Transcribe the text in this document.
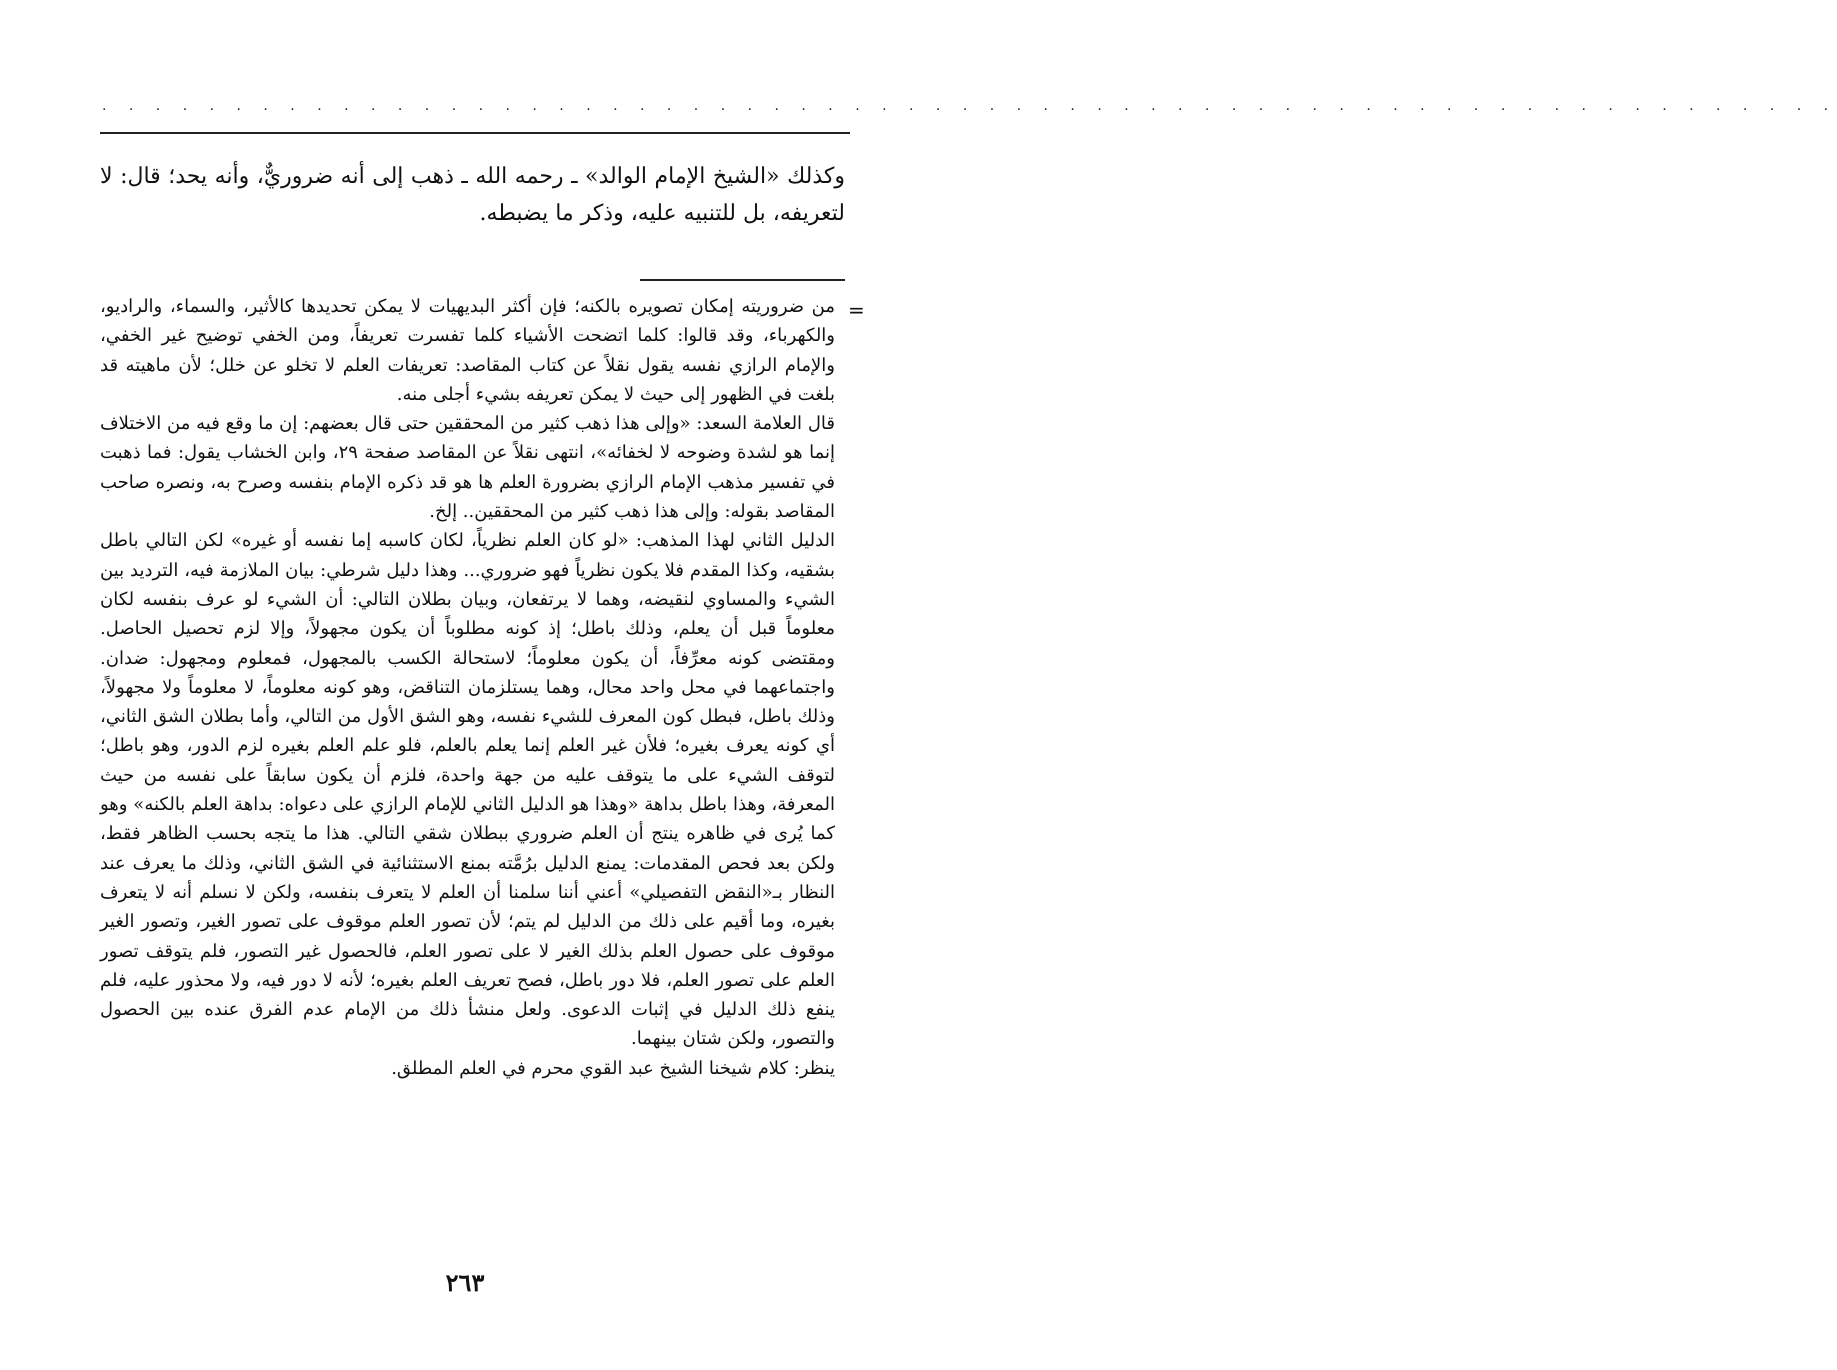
. . . . . . . . . . . . . . . . . . . . . . . . . . . . . . . . . . . . . . . . . . . . . . . . . . . . . . . . . . . . . . . . .

وكذلك «الشيخ الإمام الوالد» ـ رحمه الله ـ ذهب إلى أنه ضروريٌّ، وأنه يحد؛ قال: لا لتعريفه، بل للتنبيه عليه، وذكر ما يضبطه.

=

من ضروريته إمكان تصويره بالكنه؛ فإن أكثر البديهيات لا يمكن تحديدها كالأثير، والسماء، والراديو، والكهرباء، وقد قالوا: كلما اتضحت الأشياء كلما تفسرت تعريفاً، ومن الخفي توضيح غير الخفي، والإمام الرازي نفسه يقول نقلاً عن كتاب المقاصد: تعريفات العلم لا تخلو عن خلل؛ لأن ماهيته قد بلغت في الظهور إلى حيث لا يمكن تعريفه بشيء أجلى منه.

قال العلامة السعد: «وإلى هذا ذهب كثير من المحققين حتى قال بعضهم: إن ما وقع فيه من الاختلاف إنما هو لشدة وضوحه لا لخفائه»، انتهى نقلاً عن المقاصد صفحة ٢٩، وابن الخشاب يقول: فما ذهبت في تفسير مذهب الإمام الرازي بضرورة العلم ها هو قد ذكره الإمام بنفسه وصرح به، ونصره صاحب المقاصد بقوله: وإلى هذا ذهب كثير من المحققين.. إلخ.

الدليل الثاني لهذا المذهب: «لو كان العلم نظرياً، لكان كاسبه إما نفسه أو غيره» لكن التالي باطل بشقيه، وكذا المقدم فلا يكون نظرياً فهو ضروري... وهذا دليل شرطي: بيان الملازمة فيه، الترديد بين الشيء والمساوي لنقيضه، وهما لا يرتفعان، وبيان بطلان التالي: أن الشيء لو عرف بنفسه لكان معلوماً قبل أن يعلم، وذلك باطل؛ إذ كونه مطلوباً أن يكون مجهولاً، وإلا لزم تحصيل الحاصل. ومقتضى كونه معرِّفاً، أن يكون معلوماً؛ لاستحالة الكسب بالمجهول، فمعلوم ومجهول: ضدان. واجتماعهما في محل واحد محال، وهما يستلزمان التناقض، وهو كونه معلوماً، لا معلوماً ولا مجهولاً، وذلك باطل، فبطل كون المعرف للشيء نفسه، وهو الشق الأول من التالي، وأما بطلان الشق الثاني، أي كونه يعرف بغيره؛ فلأن غير العلم إنما يعلم بالعلم، فلو علم العلم بغيره لزم الدور، وهو باطل؛ لتوقف الشيء على ما يتوقف عليه من جهة واحدة، فلزم أن يكون سابقاً على نفسه من حيث المعرفة، وهذا باطل بداهة «وهذا هو الدليل الثاني للإمام الرازي على دعواه: بداهة العلم بالكنه» وهو كما يُرى في ظاهره ينتج أن العلم ضروري ببطلان شقي التالي. هذا ما يتجه بحسب الظاهر فقط، ولكن بعد فحص المقدمات: يمنع الدليل برُمَّته بمنع الاستثنائية في الشق الثاني، وذلك ما يعرف عند النظار بـ«النقض التفصيلي» أعني أننا سلمنا أن العلم لا يتعرف بنفسه، ولكن لا نسلم أنه لا يتعرف بغيره، وما أقيم على ذلك من الدليل لم يتم؛ لأن تصور العلم موقوف على تصور الغير، وتصور الغير موقوف على حصول العلم بذلك الغير لا على تصور العلم، فالحصول غير التصور، فلم يتوقف تصور العلم على تصور العلم، فلا دور باطل، فصح تعريف العلم بغيره؛ لأنه لا دور فيه، ولا محذور عليه، فلم ينفع ذلك الدليل في إثبات الدعوى. ولعل منشأ ذلك من الإمام عدم الفرق عنده بين الحصول والتصور، ولكن شتان بينهما.

ينظر: كلام شيخنا الشيخ عبد القوي محرم في العلم المطلق.

٢٦٣
